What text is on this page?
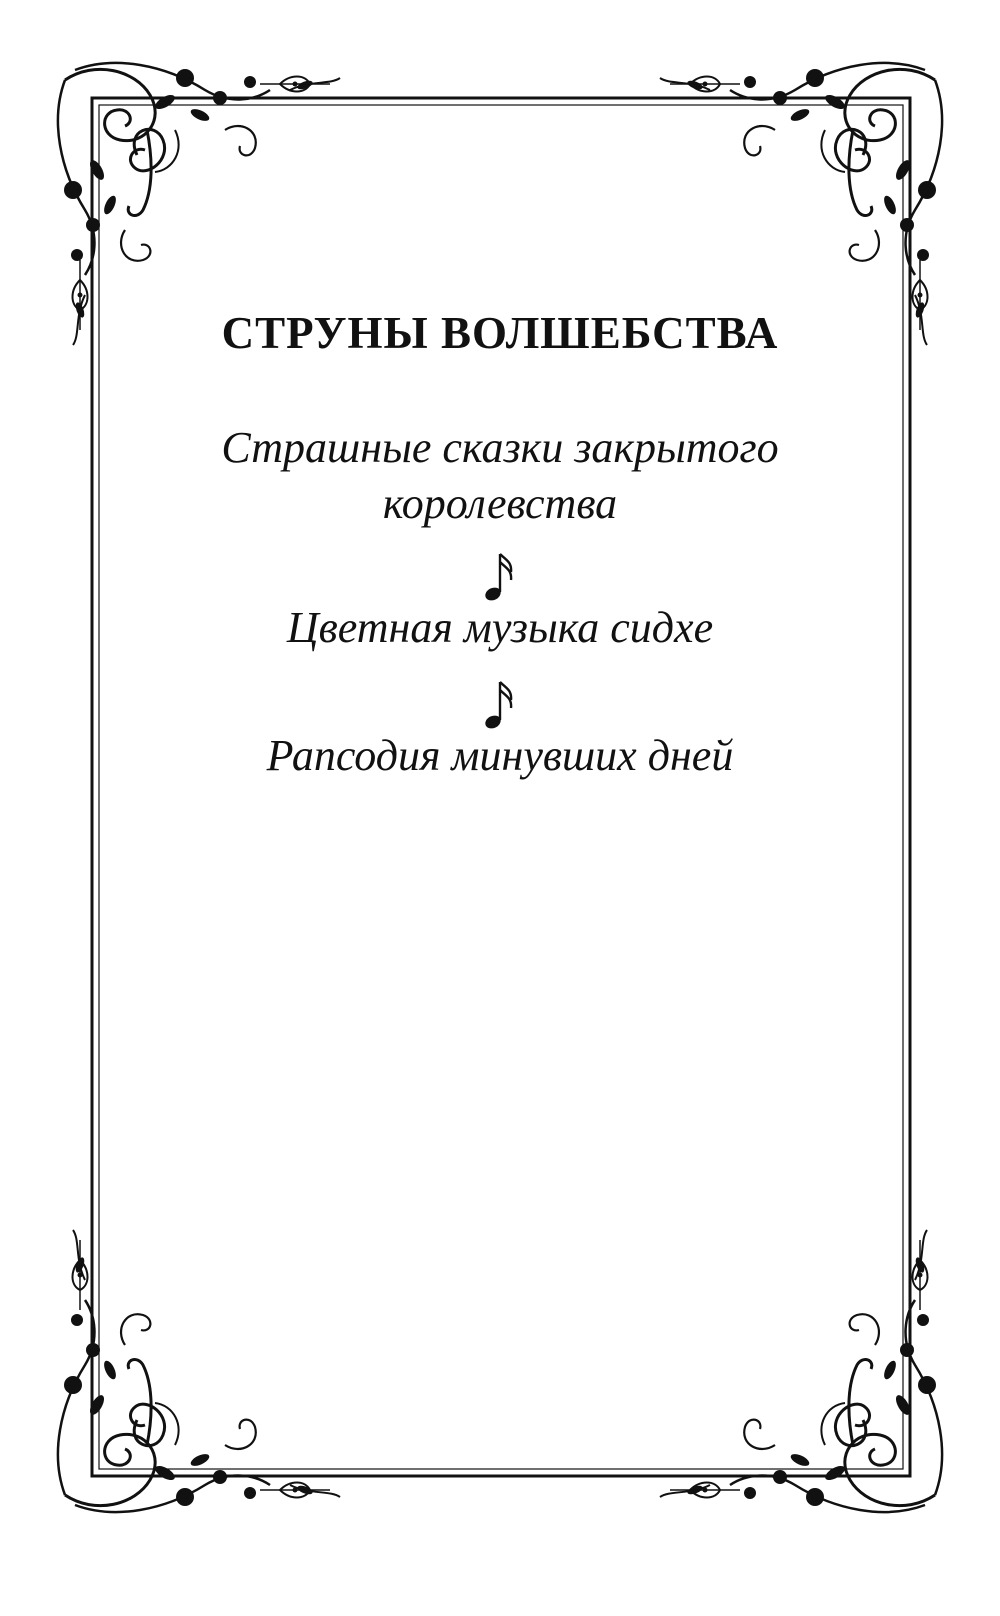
СТРУНЫ ВОЛШЕБСТВА

Страшные сказки закрытого королевства

Цветная музыка сидхе

Рапсодия минувших дней
